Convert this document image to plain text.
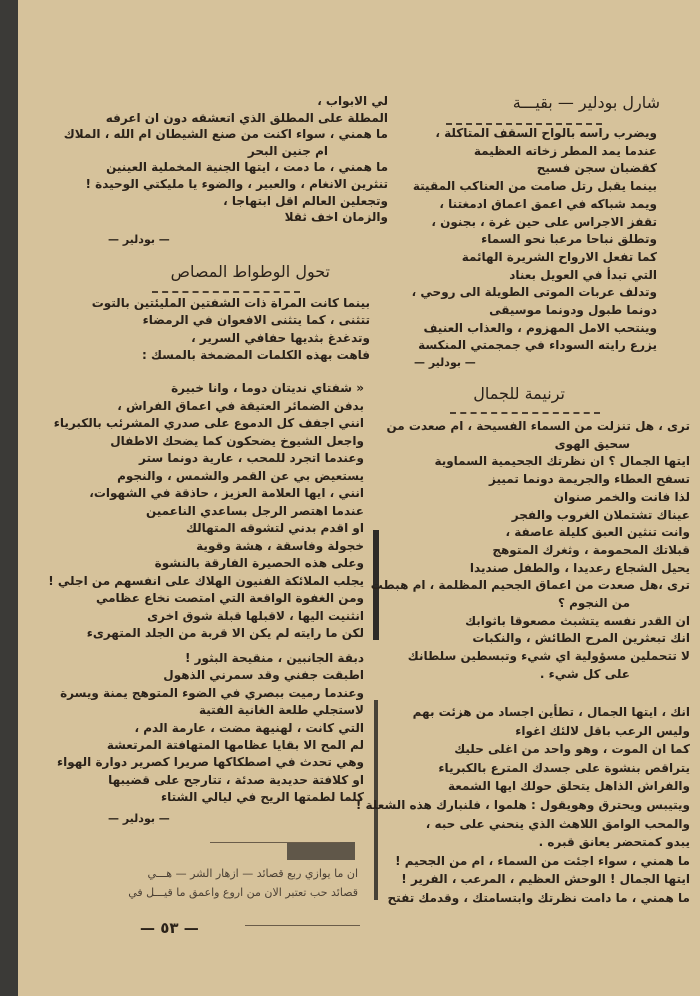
شارل بودلير — بقيـــة
ويضرب راسه بالواح السقف المتاكلة ،
عندما يمد المطر زخاته العظيمة
كقضبان سجن فسيح
بينما يقبل رتل صامت من العناكب المقيتة
ويمد شباكه في اعمق اعماق ادمغتنا ،
تقفز الاجراس على حين غرة ، بجنون ،
وتطلق نباحا مرعبا نحو السماء
كما تفعل الارواح الشريرة الهائمة
التي تبدأ في العويل بعناد
وتدلف عربات الموتى الطويلة الى روحي ،
دونما طبول ودونما موسيقى
وينتحب الامل المهزوم ، والعذاب العنيف
يزرع رايته السوداء في جمجمتي المنكسة
— بودلير —
ترنيمة للجمال
ترى ، هل تنزلت من السماء الفسيحة ، ام صعدت من
سحيق الهوى
ايتها الجمال ؟ ان نظرتك الجحيمية السماوية
تسفح العطاء والجريمة دونما تمييز
لذا فانت والخمر صنوان
عيناك تشتملان الغروب والفجر
وانت تنثين العبق كليلة عاصفة ،
قبلاتك المحمومة ، وثغرك المتوهج
يحيل الشجاع رعديدا ، والطفل صنديدا
ترى ،هل صعدت من اعماق الجحيم المظلمة ، ام هبطت
من النجوم ؟
ان القدر نفسه يتشبث مصعوقا باثوابك
انك تبعثرين المرح الطائش ، والنكبات
لا تتحملين مسؤولية اي شيء وتبسطين سلطانك
على كل شيء .
انك ، ايتها الجمال ، تطأين اجساد من هزئت بهم
وليس الرعب باقل لالئك اغواء
كما ان الموت ، وهو واحد من اغلى حليك
يتراقص بنشوة على جسدك المترع بالكبرياء
والفراش الذاهل يتحلق حولك ايها الشمعة
ويتيبس ويحترق وهويقول : هلموا ، فلنبارك هذه الشعلة !
والمحب الوامق اللاهث الذي ينحني على حبه ،
يبدو كمتحضر يعانق قبره .
ما همني ، سواء اجئت من السماء ، ام من الجحيم !
ايتها الجمال ! الوحش العظيم ، المرعب ، الفرير !
ما همني ، ما دامت نظرتك وابتسامتك ، وقدمك تفتح
لي الابواب ،
المطلة على المطلق الذي اتعشقه دون ان اعرفه
ما همني ، سواء اكنت من صنع الشيطان ام الله ، الملاك
ام جنين البحر
ما همني ، ما دمت ، ايتها الجنية المخملية العينين
تنثرين الانغام ، والعبير ، والضوء يا مليكتي الوحيدة !
وتجعلين العالم اقل ابتهاجا ،
والزمان اخف ثقلا
— بودلير —
تحول الوطواط المصاص
بينما كانت المراة ذات الشفتين المليئتين بالتوت
تتثنى ، كما يتثنى الافعوان في الرمضاء
وتدغدغ بثديها حفافي السرير ،
فاهت بهذه الكلمات المضمخة بالمسك :
« شفتاي نديتان دوما ، وانا خبيرة
بدفن الضمائر العتيقة في اعماق الفراش ،
انني اجفف كل الدموع على صدري المشرئب بالكبرياء
واجعل الشيوخ يضحكون كما يضحك الاطفال
وعندما اتجرد للمحب ، عارية دونما ستر
يستعيض بي عن القمر والشمس ، والنجوم
انني ، ايها العلامة العزيز ، حاذقة في الشهوات،
عندما اهتصر الرجل بساعدي الناعمين
او اقدم بدني لتشوقه المتهالك
خجولة وفاسقة ، هشة وقوية
وعلى هذه الحصيرة الفارقة بالنشوة
يجلب الملائكة الفنيون الهلاك على انفسهم من اجلي !
ومن الغفوة الواقعة التي امتصت نخاع عظامي
انثنيت اليها ، لاقبلها قبلة شوق اخرى
لكن ما رايته لم يكن الا قربة من الجلد المتهرىء
دبقة الجانبين ، منقيحة البثور !
اطبقت جفني وقد سمرني الذهول
وعندما رميت ببصري في الضوء المتوهج يمنة ويسرة
لاستجلي طلعة الغانية الفتية
التي كانت ، لهنيهة مضت ، عارمة الدم ،
لم المح الا بقايا عظامها المتهافتة المرتعشة
وهي تحدث في اصطكاكها صريرا كصرير دوارة الهواء
او كلافتة حديدية صدئة ، تتارجح على قضيبها
كلما لطمتها الريح في ليالي الشتاء
— بودلير —
ان ما يوازي ربع قصائد — ازهار الشر — هـــي
قصائد حب تعتبر الان من اروع واعمق ما قيـــل في
— ٥٣ —
